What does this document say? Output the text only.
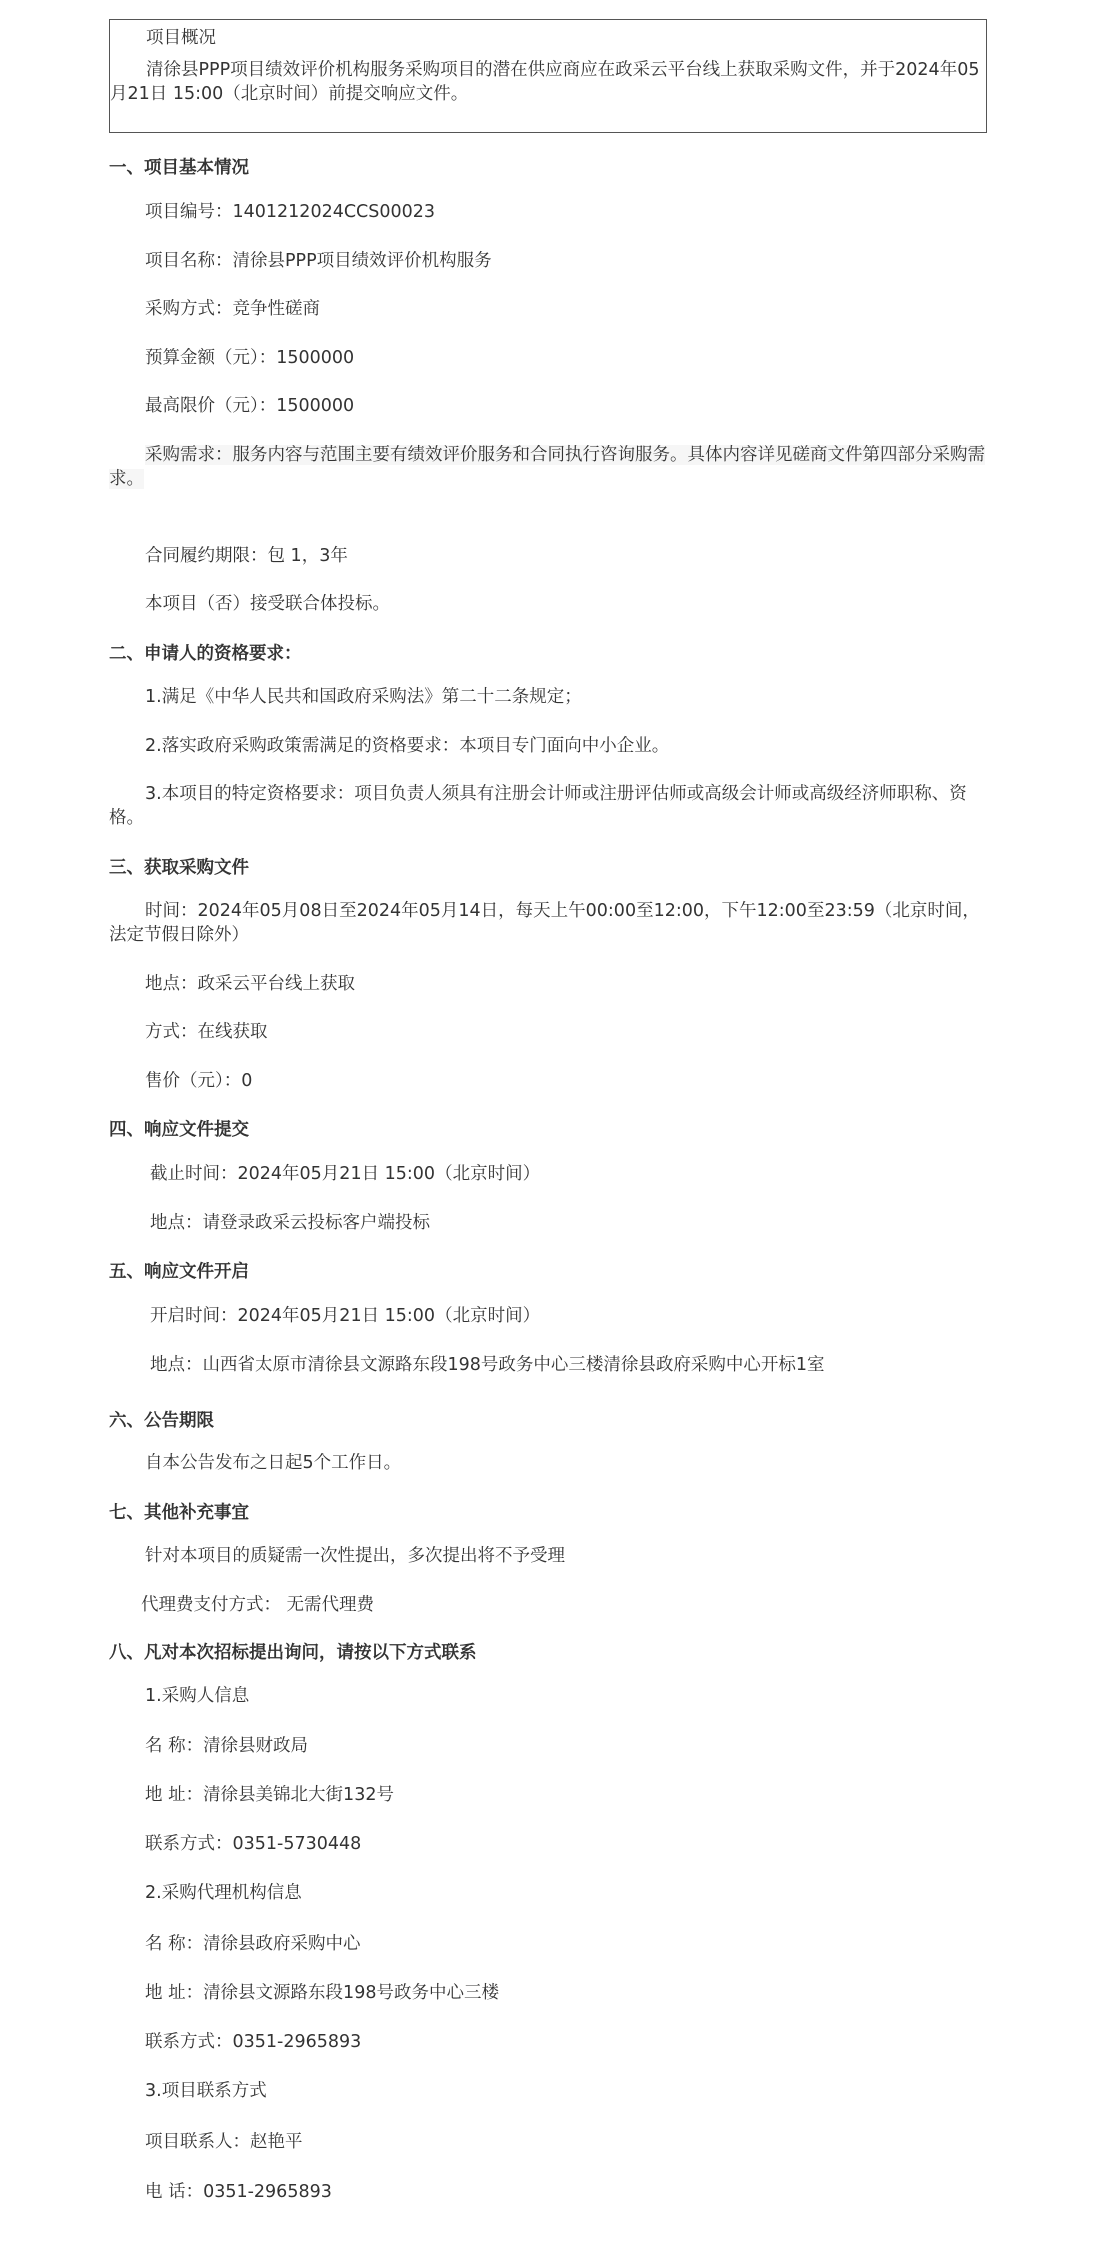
项目概况
清徐县PPP项目绩效评价机构服务采购项目的潜在供应商应在政采云平台线上获取采购文件，并于2024年05月21日 15:00（北京时间）前提交响应文件。
一、项目基本情况
项目编号：1401212024CCS00023
项目名称：清徐县PPP项目绩效评价机构服务
采购方式：竞争性磋商
预算金额（元）：1500000
最高限价（元）：1500000
采购需求：服务内容与范围主要有绩效评价服务和合同执行咨询服务。具体内容详见磋商文件第四部分采购需求。
合同履约期限：包 1，3年
本项目（否）接受联合体投标。
二、申请人的资格要求：
1.满足《中华人民共和国政府采购法》第二十二条规定；
2.落实政府采购政策需满足的资格要求：本项目专门面向中小企业。
3.本项目的特定资格要求：项目负责人须具有注册会计师或注册评估师或高级会计师或高级经济师职称、资格。
三、获取采购文件
时间：2024年05月08日至2024年05月14日，每天上午00:00至12:00，下午12:00至23:59（北京时间，法定节假日除外）
地点：政采云平台线上获取
方式：在线获取
售价（元）：0
四、响应文件提交
截止时间：2024年05月21日 15:00（北京时间）
地点：请登录政采云投标客户端投标
五、响应文件开启
开启时间：2024年05月21日 15:00（北京时间）
地点：山西省太原市清徐县文源路东段198号政务中心三楼清徐县政府采购中心开标1室
六、公告期限
自本公告发布之日起5个工作日。
七、其他补充事宜
针对本项目的质疑需一次性提出，多次提出将不予受理
代理费支付方式： 无需代理费
八、凡对本次招标提出询问，请按以下方式联系
1.采购人信息
名 称：清徐县财政局
地 址：清徐县美锦北大街132号
联系方式：0351-5730448
2.采购代理机构信息
名 称：清徐县政府采购中心
地 址：清徐县文源路东段198号政务中心三楼
联系方式：0351-2965893
3.项目联系方式
项目联系人：赵艳平
电 话：0351-2965893
